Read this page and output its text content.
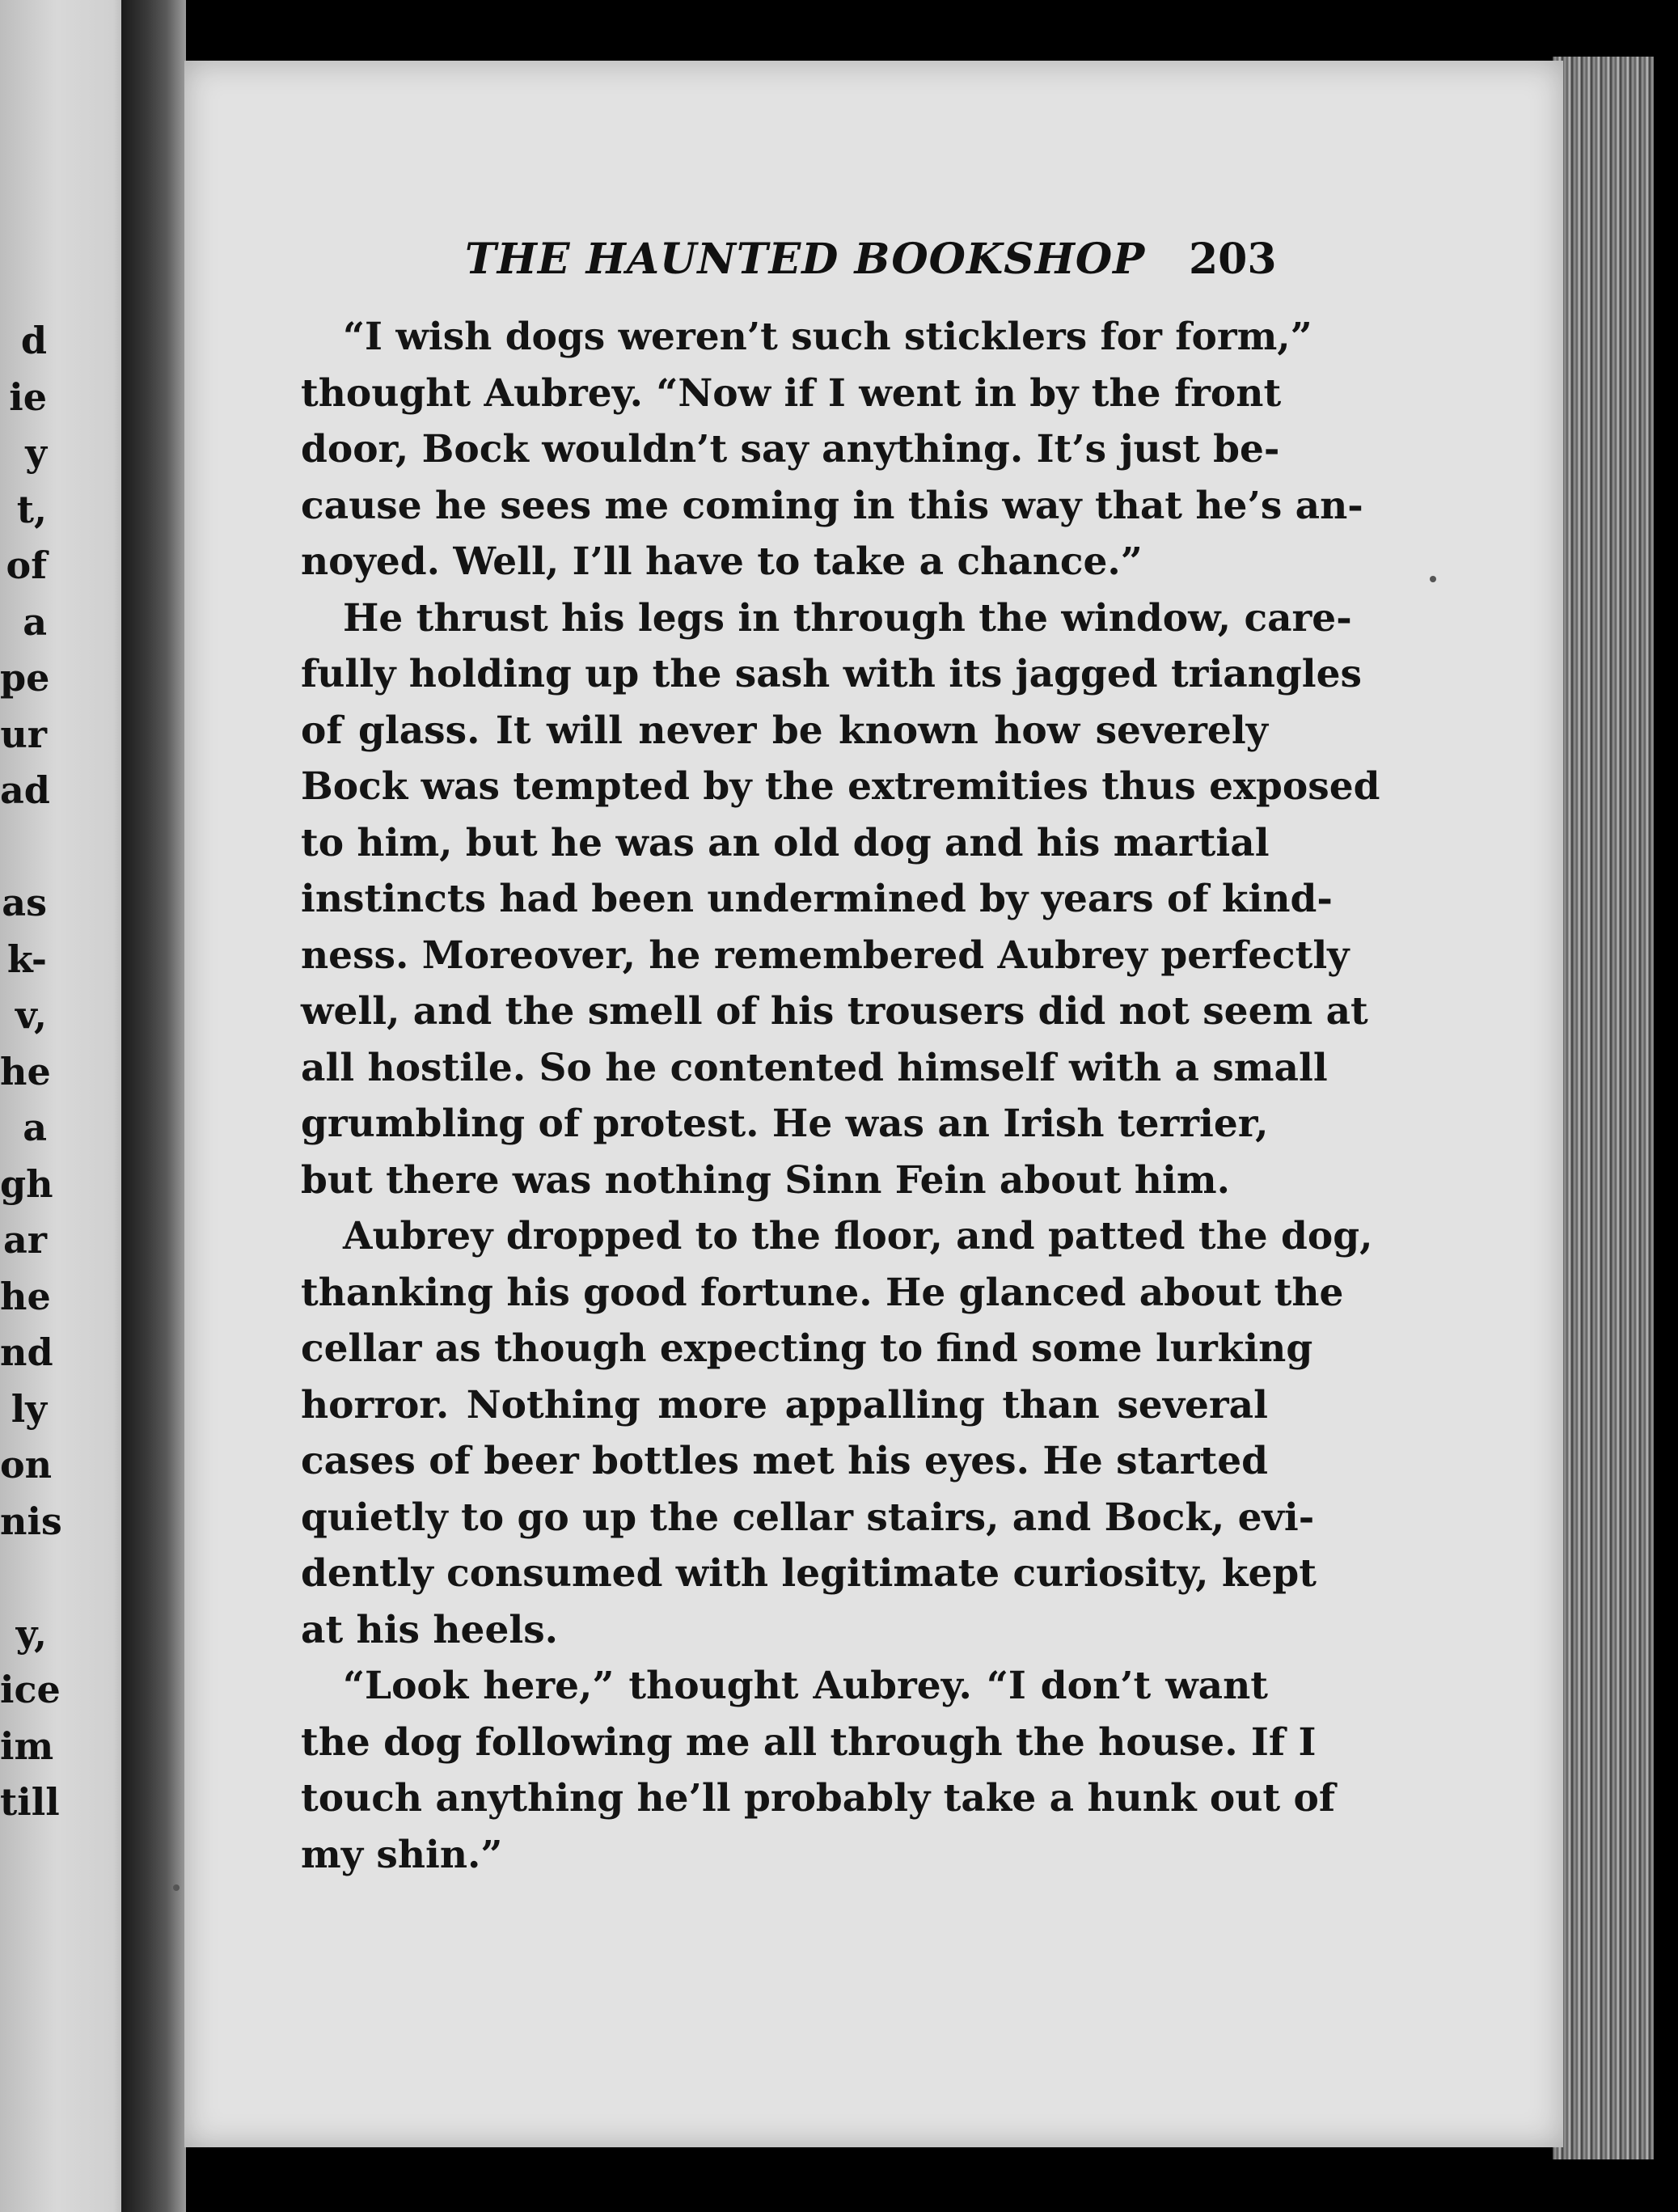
d
ie
y
t,
of
a
pe
ur
ad
as
k-
v,
he
a
gh
ar
he
nd
ly
on
nis
y,
ice
im
till
THE HAUNTED BOOKSHOP	203

“I wish dogs weren’t such sticklers for form,”
thought Aubrey. “Now if I went in by the front
door, Bock wouldn’t say anything. It’s just be-
cause he sees me coming in this way that he’s an-
noyed. Well, I’ll have to take a chance.”

He thrust his legs in through the window, care-
fully holding up the sash with its jagged triangles
of glass. It will never be known how severely
Bock was tempted by the extremities thus exposed
to him, but he was an old dog and his martial
instincts had been undermined by years of kind-
ness. Moreover, he remembered Aubrey perfectly
well, and the smell of his trousers did not seem at
all hostile. So he contented himself with a small
grumbling of protest. He was an Irish terrier,
but there was nothing Sinn Fein about him.

Aubrey dropped to the floor, and patted the dog,
thanking his good fortune. He glanced about the
cellar as though expecting to find some lurking
horror. Nothing more appalling than several
cases of beer bottles met his eyes. He started
quietly to go up the cellar stairs, and Bock, evi-
dently consumed with legitimate curiosity, kept
at his heels.

“Look here,” thought Aubrey. “I don’t want
the dog following me all through the house. If I
touch anything he’ll probably take a hunk out of
my shin.”
